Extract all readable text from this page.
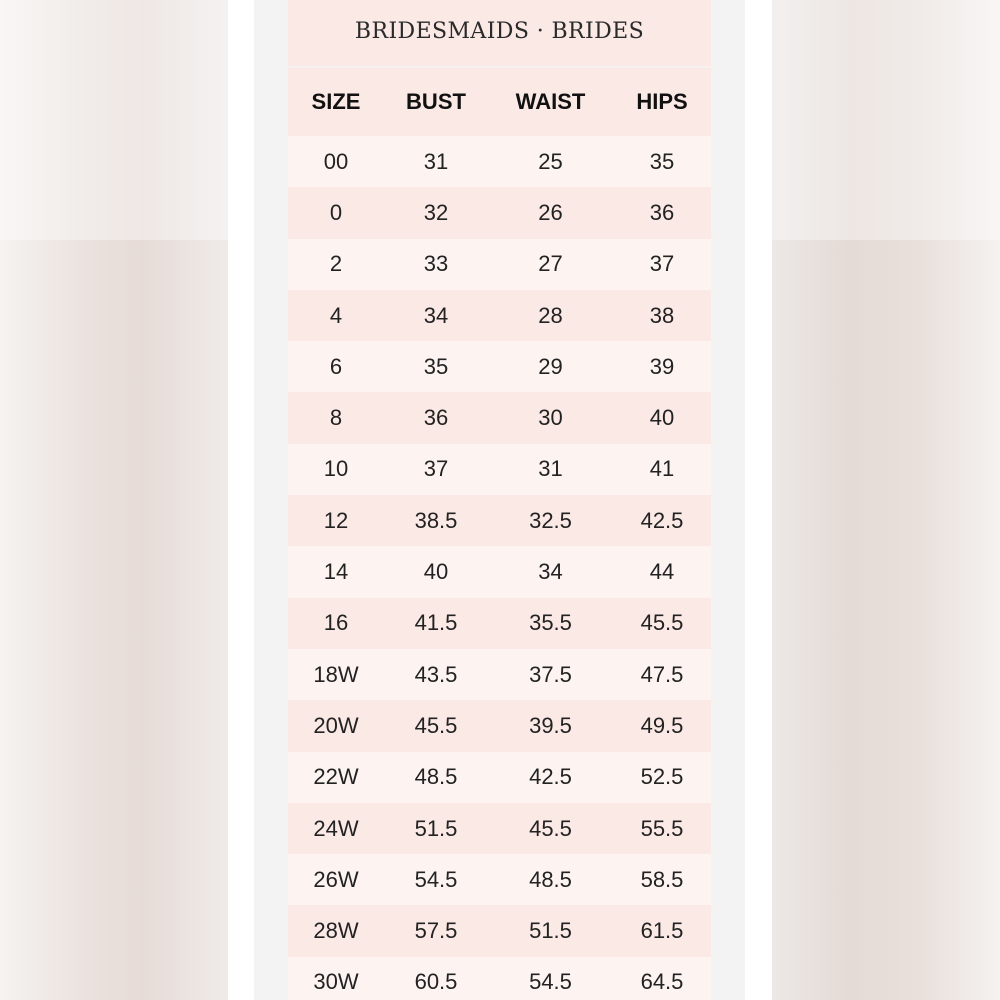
BRIDESMAIDS · BRIDES
SIZE	BUST	WAIST	HIPS
00	31	25	35
0	32	26	36
2	33	27	37
4	34	28	38
6	35	29	39
8	36	30	40
10	37	31	41
12	38.5	32.5	42.5
14	40	34	44
16	41.5	35.5	45.5
18W	43.5	37.5	47.5
20W	45.5	39.5	49.5
22W	48.5	42.5	52.5
24W	51.5	45.5	55.5
26W	54.5	48.5	58.5
28W	57.5	51.5	61.5
30W	60.5	54.5	64.5
